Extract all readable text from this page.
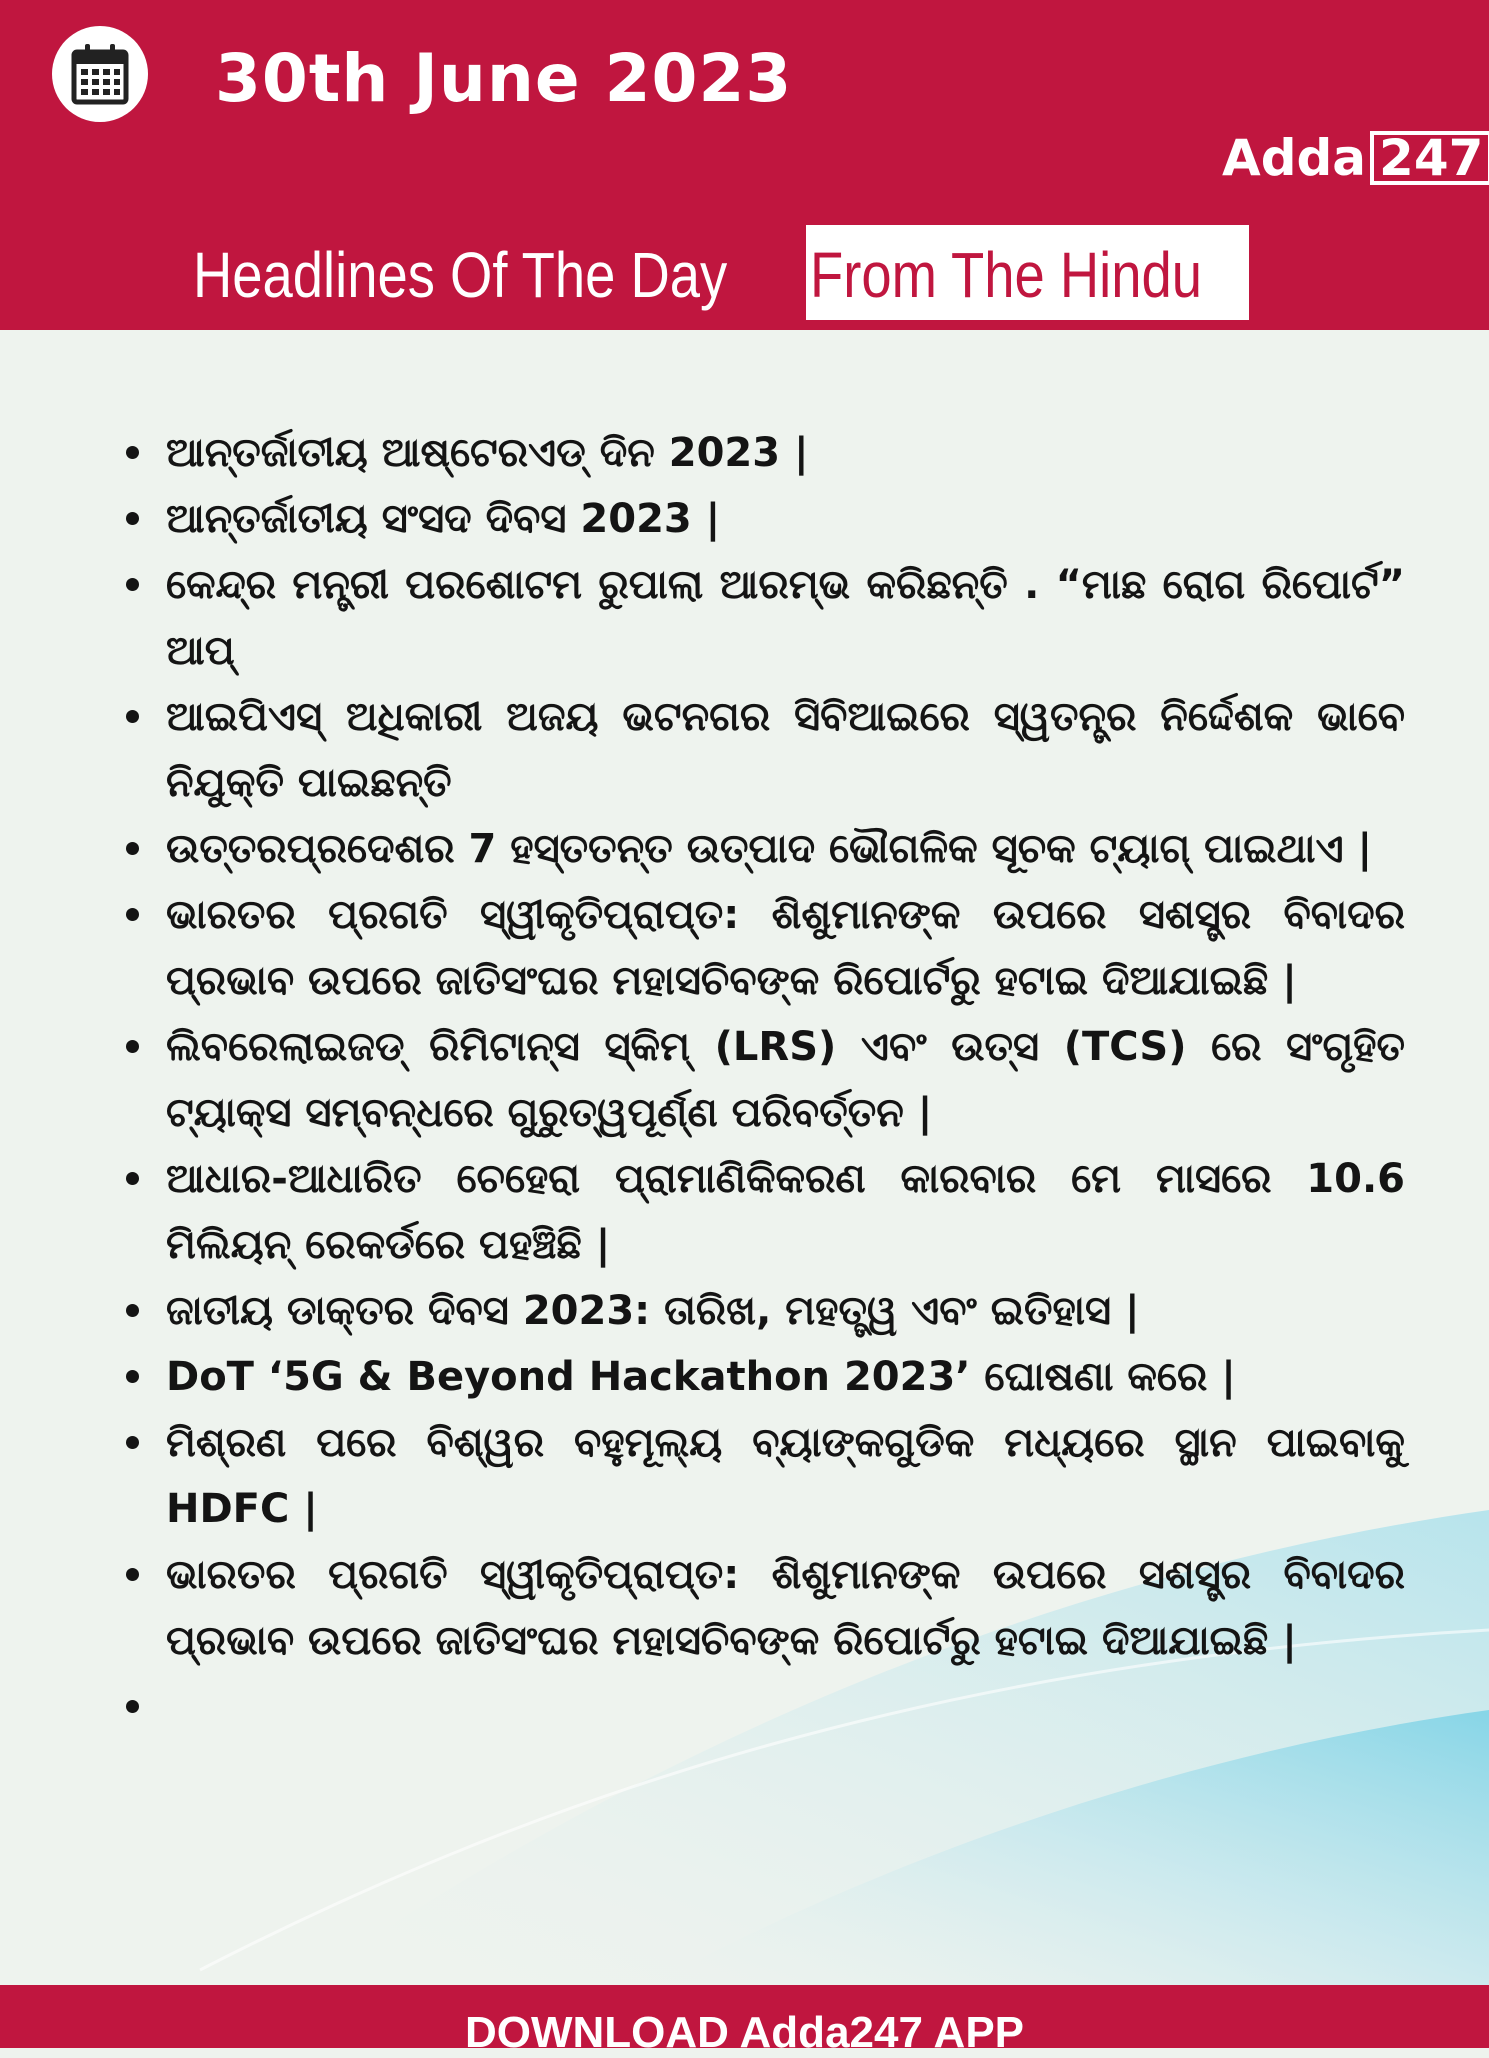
30th June 2023
Adda 247
Headlines Of The Day From The Hindu
ଆନ୍ତର୍ଜାତୀୟ ଆଷ୍ଟେରଏଡ୍ ଦିନ 2023 |
ଆନ୍ତର୍ଜାତୀୟ ସଂସଦ ଦିବସ 2023 |
କେନ୍ଦ୍ର ମନ୍ତ୍ରୀ ପରଶୋଟମ ରୁପାଲା ଆରମ୍ଭ କରିଛନ୍ତି . “ମାଛ ରୋଗ ରିପୋର୍ଟ” ଆପ୍
ଆଇପିଏସ୍ ଅଧିକାରୀ ଅଜୟ ଭଟନଗର ସିବିଆଇରେ ସ୍ୱତନ୍ତ୍ର ନିର୍ଦ୍ଦେଶକ ଭାବେ ନିଯୁକ୍ତି ପାଇଛନ୍ତି
ଉତ୍ତରପ୍ରଦେଶର 7 ହସ୍ତତନ୍ତ ଉତ୍ପାଦ ଭୌଗଳିକ ସୂଚକ ଟ୍ୟାଗ୍ ପାଇଥାଏ |
ଭାରତର ପ୍ରଗତି ସ୍ୱୀକୃତିପ୍ରାପ୍ତ: ଶିଶୁମାନଙ୍କ ଉପରେ ସଶସ୍ତ୍ର ବିବାଦର ପ୍ରଭାବ ଉପରେ ଜାତିସଂଘର ମହାସଚିବଙ୍କ ରିପୋର୍ଟରୁ ହଟାଇ ଦିଆଯାଇଛି |
ଲିବରେଲାଇଜଡ୍ ରିମିଟାନ୍ସ ସ୍କିମ୍ (LRS) ଏବଂ ଉତ୍ସ (TCS) ରେ ସଂଗୃହିତ ଟ୍ୟାକ୍ସ ସମ୍ବନ୍ଧରେ ଗୁରୁତ୍ୱପୂର୍ଣ୍ଣ ପରିବର୍ତ୍ତନ |
ଆଧାର-ଆଧାରିତ ଚେହେରା ପ୍ରାମାଣିକିକରଣ କାରବାର ମେ ମାସରେ 10.6 ମିଲିୟନ୍ ରେକର୍ଡରେ ପହଞ୍ଚିଛି |
ଜାତୀୟ ଡାକ୍ତର ଦିବସ 2023: ତାରିଖ, ମହତ୍ତ୍ୱ ଏବଂ ଇତିହାସ |
DoT ‘5G & Beyond Hackathon 2023’ ଘୋଷଣା କରେ |
ମିଶ୍ରଣ ପରେ ବିଶ୍ୱର ବହୁମୂଲ୍ୟ ବ୍ୟାଙ୍କଗୁଡିକ ମଧ୍ୟରେ ସ୍ଥାନ ପାଇବାକୁ HDFC |
ଭାରତର ପ୍ରଗତି ସ୍ୱୀକୃତିପ୍ରାପ୍ତ: ଶିଶୁମାନଙ୍କ ଉପରେ ସଶସ୍ତ୍ର ବିବାଦର ପ୍ରଭାବ ଉପରେ ଜାତିସଂଘର ମହାସଚିବଙ୍କ ରିପୋର୍ଟରୁ ହଟାଇ ଦିଆଯାଇଛି |

DOWNLOAD Adda247 APP
